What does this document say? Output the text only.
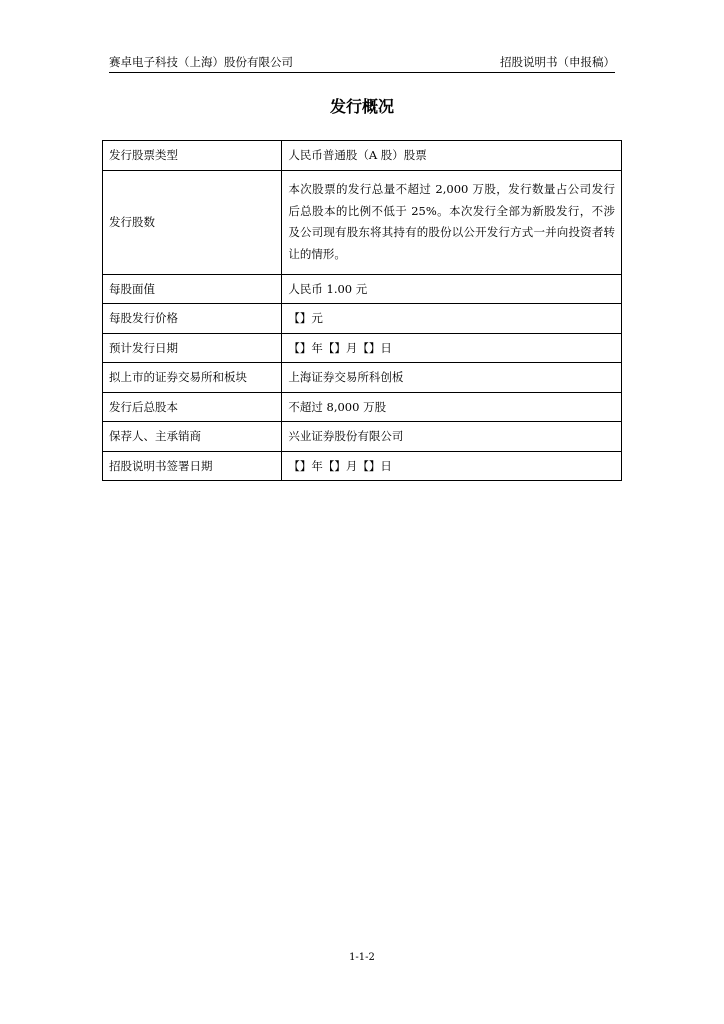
赛卓电子科技（上海）股份有限公司	招股说明书（申报稿）
发行概况
发行股票类型	人民币普通股（A 股）股票
发行股数	本次股票的发行总量不超过 2,000 万股，发行数量占公司发行后总股本的比例不低于 25%。本次发行全部为新股发行，不涉及公司现有股东将其持有的股份以公开发行方式一并向投资者转让的情形。

每股面值	人民币 1.00 元
每股发行价格	【】元
预计发行日期	【】年【】月【】日
拟上市的证券交易所和板块	上海证券交易所科创板
发行后总股本	不超过 8,000 万股
保荐人、主承销商	兴业证券股份有限公司
招股说明书签署日期	【】年【】月【】日
1-1-2
